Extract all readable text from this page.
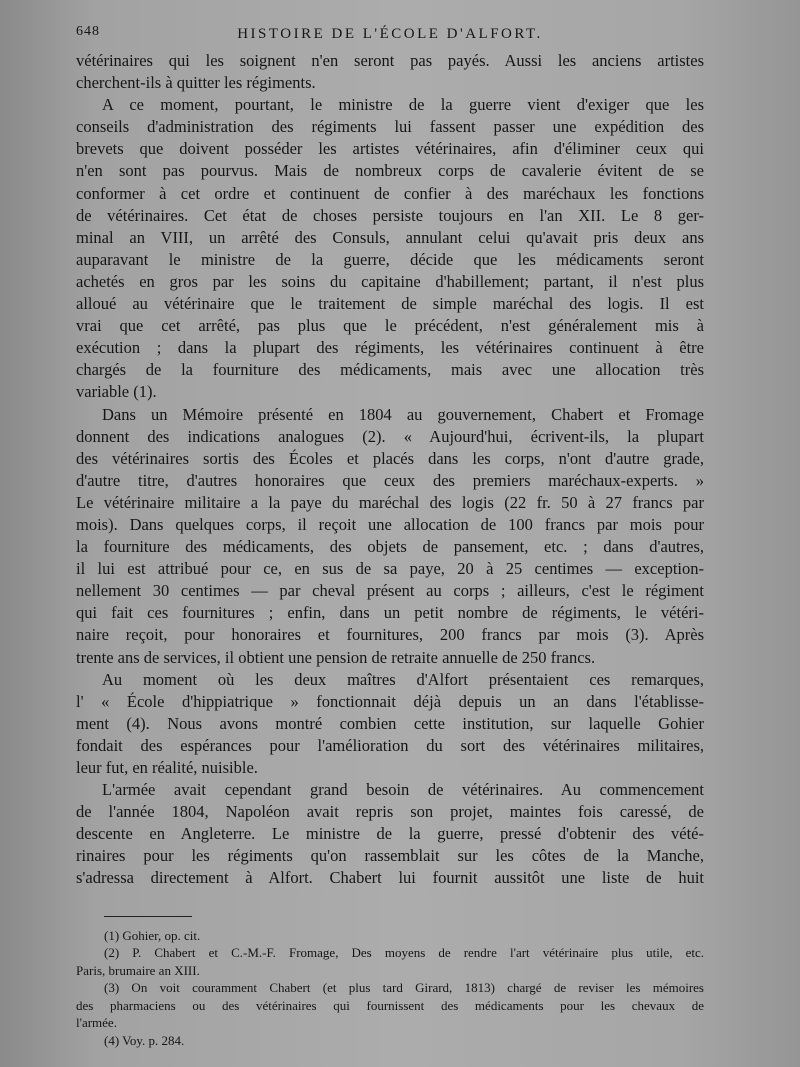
648	HISTOIRE DE L'ÉCOLE D'ALFORT.
vétérinaires qui les soignent n'en seront pas payés. Aussi les anciens artistes
cherchent-ils à quitter les régiments.
A ce moment, pourtant, le ministre de la guerre vient d'exiger que les
conseils d'administration des régiments lui fassent passer une expédition des
brevets que doivent posséder les artistes vétérinaires, afin d'éliminer ceux qui
n'en sont pas pourvus. Mais de nombreux corps de cavalerie évitent de se
conformer à cet ordre et continuent de confier à des maréchaux les fonctions
de vétérinaires. Cet état de choses persiste toujours en l'an XII. Le 8 ger-
minal an VIII, un arrêté des Consuls, annulant celui qu'avait pris deux ans
auparavant le ministre de la guerre, décide que les médicaments seront
achetés en gros par les soins du capitaine d'habillement; partant, il n'est plus
alloué au vétérinaire que le traitement de simple maréchal des logis. Il est
vrai que cet arrêté, pas plus que le précédent, n'est généralement mis à
exécution ; dans la plupart des régiments, les vétérinaires continuent à être
chargés de la fourniture des médicaments, mais avec une allocation très
variable (1).
Dans un Mémoire présenté en 1804 au gouvernement, Chabert et Fromage
donnent des indications analogues (2). « Aujourd'hui, écrivent-ils, la plupart
des vétérinaires sortis des Écoles et placés dans les corps, n'ont d'autre grade,
d'autre titre, d'autres honoraires que ceux des premiers maréchaux-experts. »
Le vétérinaire militaire a la paye du maréchal des logis (22 fr. 50 à 27 francs par
mois). Dans quelques corps, il reçoit une allocation de 100 francs par mois pour
la fourniture des médicaments, des objets de pansement, etc. ; dans d'autres,
il lui est attribué pour ce, en sus de sa paye, 20 à 25 centimes — exception-
nellement 30 centimes — par cheval présent au corps ; ailleurs, c'est le régiment
qui fait ces fournitures ; enfin, dans un petit nombre de régiments, le vétéri-
naire reçoit, pour honoraires et fournitures, 200 francs par mois (3). Après
trente ans de services, il obtient une pension de retraite annuelle de 250 francs.
Au moment où les deux maîtres d'Alfort présentaient ces remarques,
l' « École d'hippiatrique » fonctionnait déjà depuis un an dans l'établisse-
ment (4). Nous avons montré combien cette institution, sur laquelle Gohier
fondait des espérances pour l'amélioration du sort des vétérinaires militaires,
leur fut, en réalité, nuisible.
L'armée avait cependant grand besoin de vétérinaires. Au commencement
de l'année 1804, Napoléon avait repris son projet, maintes fois caressé, de
descente en Angleterre. Le ministre de la guerre, pressé d'obtenir des vété-
rinaires pour les régiments qu'on rassemblait sur les côtes de la Manche,
s'adressa directement à Alfort. Chabert lui fournit aussitôt une liste de huit
(1) Gohier, op. cit.
(2) P. Chabert et C.-M.-F. Fromage, Des moyens de rendre l'art vétérinaire plus utile, etc.
Paris, brumaire an XIII.
(3) On voit couramment Chabert (et plus tard Girard, 1813) chargé de reviser les mémoires
des pharmaciens ou des vétérinaires qui fournissent des médicaments pour les chevaux de
l'armée.
(4) Voy. p. 284.
